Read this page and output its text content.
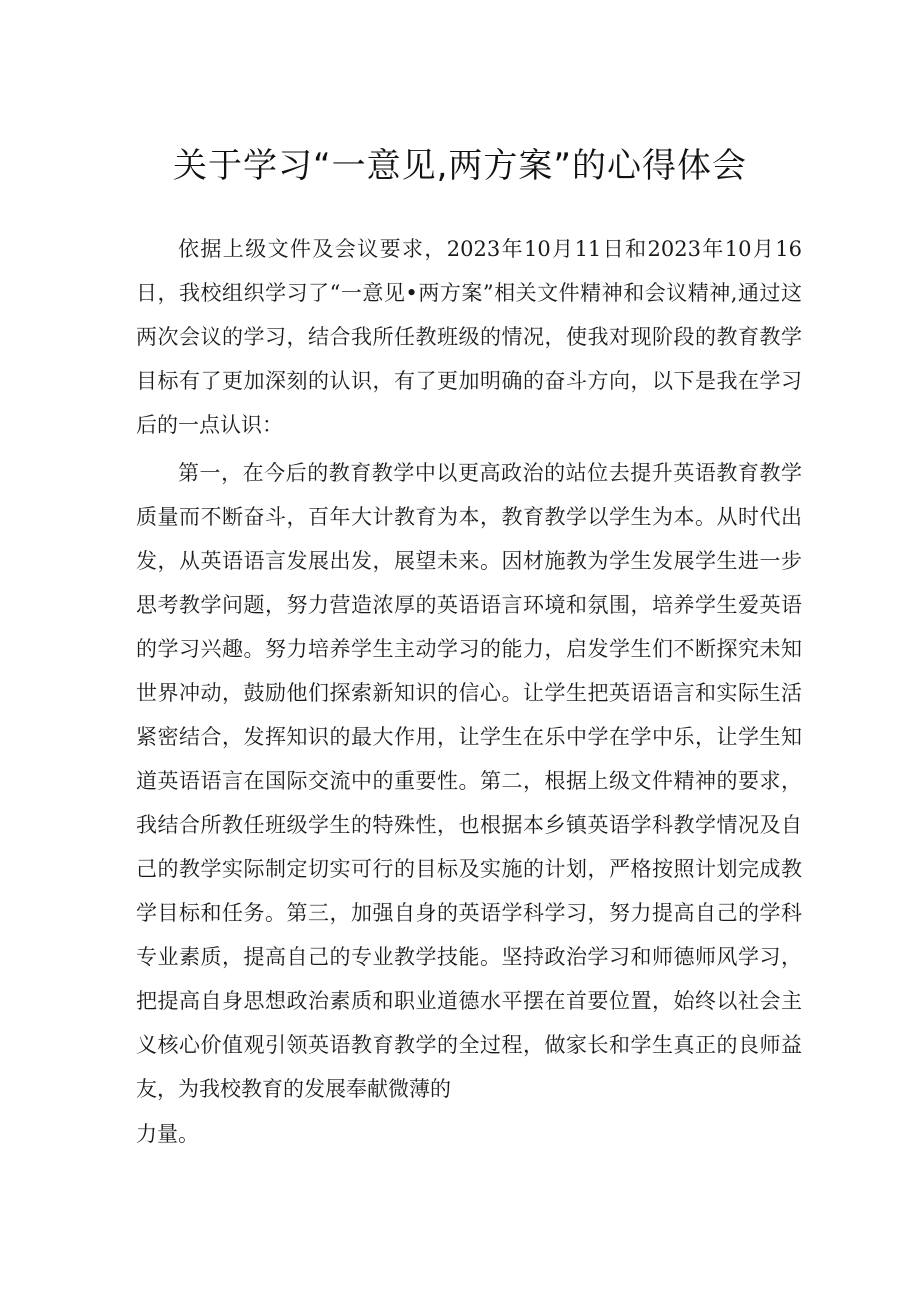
关于学习“一意见,两方案”的心得体会

依据上级文件及会议要求，2023年10月11日和2023年10月16日，我校组织学习了“一意见•两方案”相关文件精神和会议精神,通过这两次会议的学习，结合我所任教班级的情况，使我对现阶段的教育教学目标有了更加深刻的认识，有了更加明确的奋斗方向，以下是我在学习后的一点认识：

第一，在今后的教育教学中以更高政治的站位去提升英语教育教学质量而不断奋斗，百年大计教育为本，教育教学以学生为本。从时代出发，从英语语言发展出发，展望未来。因材施教为学生发展学生进一步思考教学问题，努力营造浓厚的英语语言环境和氛围，培养学生爱英语的学习兴趣。努力培养学生主动学习的能力，启发学生们不断探究未知世界冲动，鼓励他们探索新知识的信心。让学生把英语语言和实际生活紧密结合，发挥知识的最大作用，让学生在乐中学在学中乐，让学生知道英语语言在国际交流中的重要性。第二，根据上级文件精神的要求，我结合所教任班级学生的特殊性，也根据本乡镇英语学科教学情况及自己的教学实际制定切实可行的目标及实施的计划，严格按照计划完成教学目标和任务。第三，加强自身的英语学科学习，努力提高自己的学科专业素质，提高自己的专业教学技能。坚持政治学习和师德师风学习，把提高自身思想政治素质和职业道德水平摆在首要位置，始终以社会主义核心价值观引领英语教育教学的全过程，做家长和学生真正的良师益友，为我校教育的发展奉献微薄的

力量。
